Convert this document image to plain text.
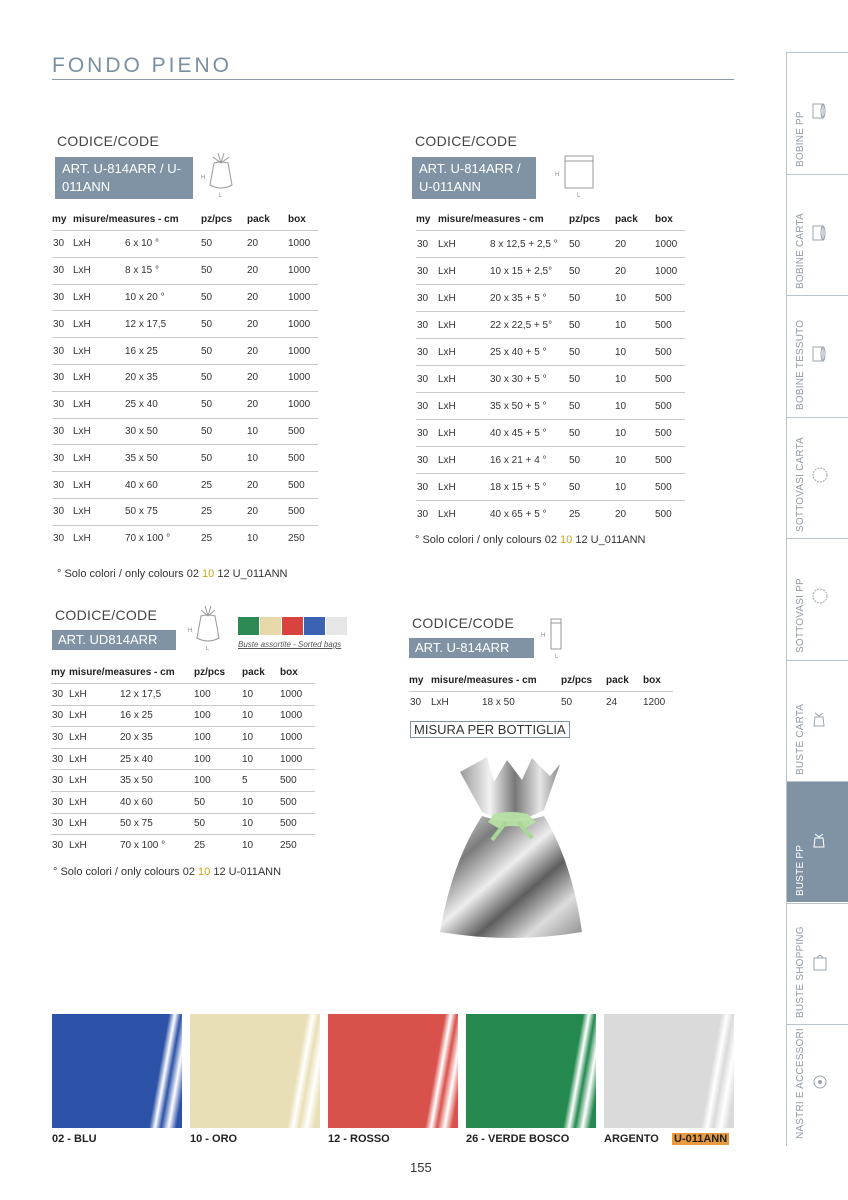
FONDO PIENO
CODICE/CODE
ART. U-814ARR / U-011ANN
H
L
my	misure/measures - cm		pz/pcs	pack	box
30	LxH	6 x 10 °	50	20	1000
30	LxH	8 x 15 °	50	20	1000
30	LxH	10 x 20 °	50	20	1000
30	LxH	12 x 17,5	50	20	1000
30	LxH	16 x 25	50	20	1000
30	LxH	20 x 35	50	20	1000
30	LxH	25 x 40	50	20	1000
30	LxH	30 x 50	50	10	500
30	LxH	35 x 50	50	10	500
30	LxH	40 x 60	25	20	500
30	LxH	50 x 75	25	20	500
30	LxH	70 x 100 °	25	10	250
° Solo colori / only colours 02 10 12 U_011ANN
CODICE/CODE
ART. U-814ARR / U-011ANN
H
L
my	misure/measures - cm		pz/pcs	pack	box
30	LxH	8 x 12,5 + 2,5 °	50	20	1000
30	LxH	10 x 15 + 2,5°	50	20	1000
30	LxH	20 x 35 + 5 °	50	10	500
30	LxH	22 x 22,5 + 5°	50	10	500
30	LxH	25 x 40 + 5 °	50	10	500
30	LxH	30 x 30 + 5 °	50	10	500
30	LxH	35 x 50 + 5 °	50	10	500
30	LxH	40 x 45 + 5 °	50	10	500
30	LxH	16 x 21 + 4 °	50	10	500
30	LxH	18 x 15 + 5 °	50	10	500
30	LxH	40 x 65 + 5 °	25	20	500
° Solo colori / only colours 02 10 12 U_011ANN
CODICE/CODE
ART. UD814ARR
H
L	Buste assortite - Sorted bags
my	misure/measures - cm		pz/pcs	pack	box
30	LxH	12 x 17,5	100	10	1000
30	LxH	16 x 25	100	10	1000
30	LxH	20 x 35	100	10	1000
30	LxH	25 x 40	100	10	1000
30	LxH	35 x 50	100	5	500
30	LxH	40 x 60	50	10	500
30	LxH	50 x 75	50	10	500
30	LxH	70 x 100 °	25	10	250
° Solo colori / only colours 02 10 12 U-011ANN
CODICE/CODE
ART. U-814ARR
H
L
my	misure/measures - cm		pz/pcs	pack	box
30	LxH	18 x 50	50	24	1200
MISURA PER BOTTIGLIA
02 - BLU	10 - ORO	12 - ROSSO	26 - VERDE BOSCO	ARGENTO U-011ANN
155
BOBINE PP
BOBINE CARTA
BOBINE TESSUTO
SOTTOVASI CARTA
SOTTOVASI PP
BUSTE CARTA
BUSTE PP
BUSTE SHOPPING
NASTRI E ACCESSORI
